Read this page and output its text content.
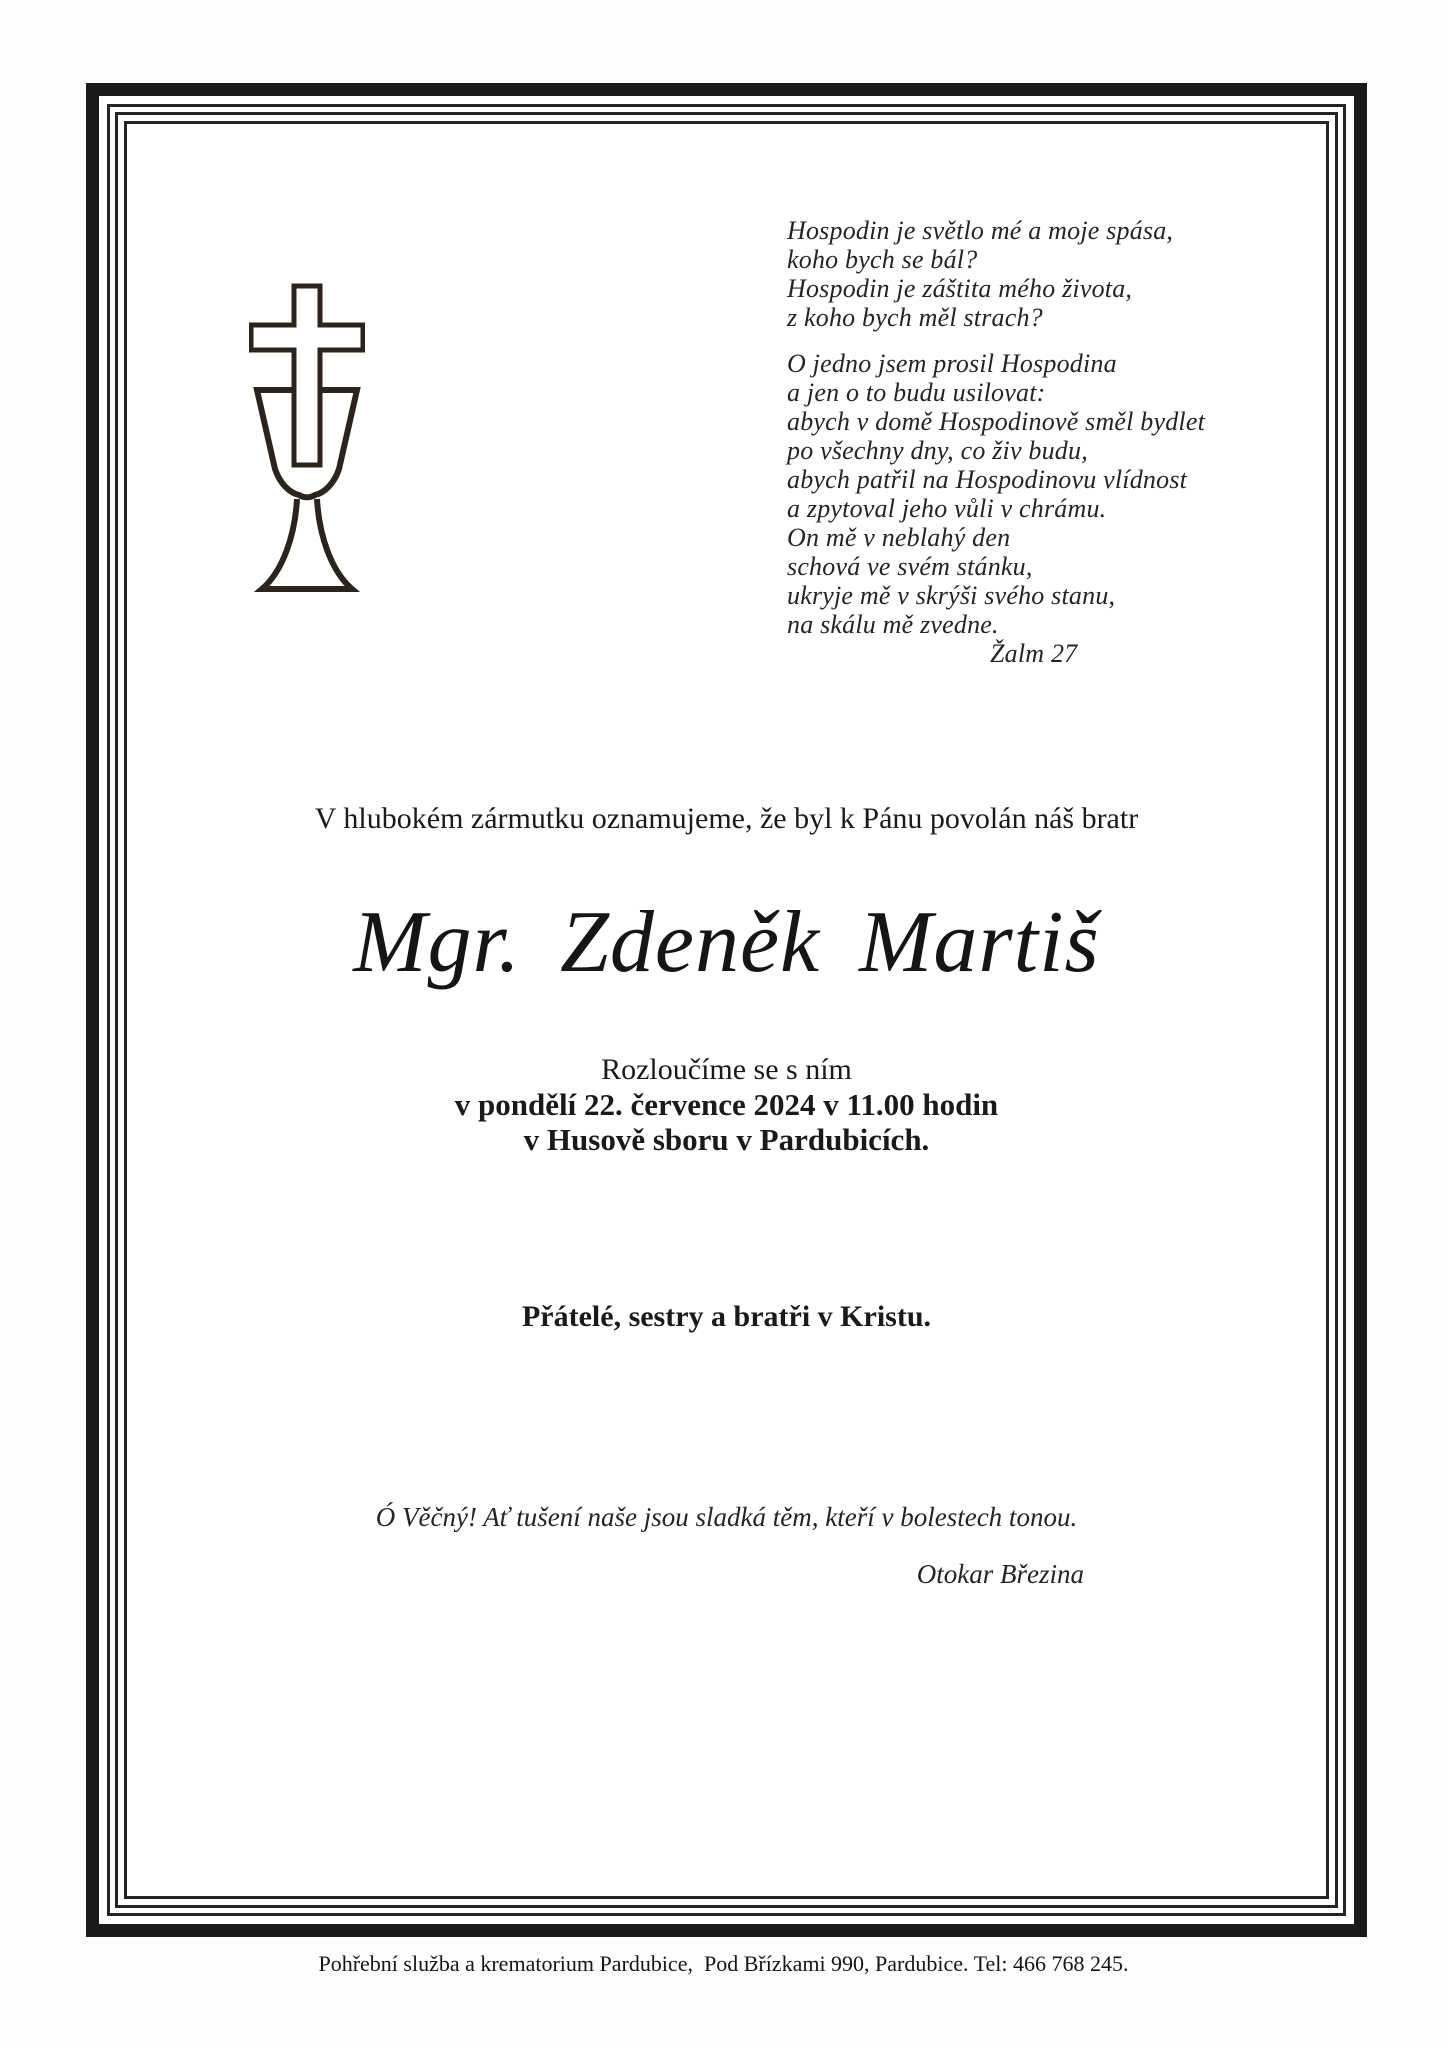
Hospodin je světlo mé a moje spása,
koho bych se bál?
Hospodin je záštita mého života,
z koho bych měl strach?
O jedno jsem prosil Hospodina
a jen o to budu usilovat:
abych v domě Hospodinově směl bydlet
po všechny dny, co živ budu,
abych patřil na Hospodinovu vlídnost
a zpytoval jeho vůli v chrámu.
On mě v neblahý den
schová ve svém stánku,
ukryje mě v skrýši svého stanu,
na skálu mě zvedne.
Žalm 27

V hlubokém zármutku oznamujeme, že byl k Pánu povolán náš bratr

Mgr. Zdeněk Martiš
Rozloučíme se s ním
v pondělí 22. července 2024 v 11.00 hodin
v Husově sboru v Pardubicích.

Přátelé, sestry a bratři v Kristu.

Ó Věčný! Ať tušení naše jsou sladká těm, kteří v bolestech tonou.
Otokar Březina

Pohřební služba a krematorium Pardubice,  Pod Břízkami 990, Pardubice. Tel: 466 768 245.
